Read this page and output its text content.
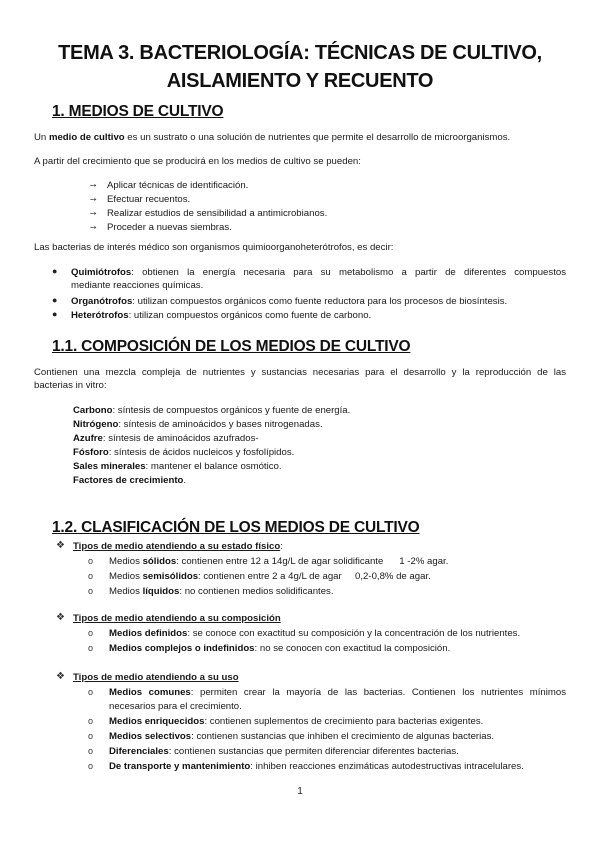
TEMA 3. BACTERIOLOGÍA: TÉCNICAS DE CULTIVO,
AISLAMIENTO Y RECUENTO
1. MEDIOS DE CULTIVO
Un medio de cultivo es un sustrato o una solución de nutrientes que permite el desarrollo de microorganismos.
A partir del crecimiento que se producirá en los medios de cultivo se pueden:
➙ Aplicar técnicas de identificación.
➙ Efectuar recuentos.
➙ Realizar estudios de sensibilidad a antimicrobianos.
➙ Proceder a nuevas siembras.
Las bacterias de interés médico son organismos quimioorganoheterótrofos, es decir:
● Quimiótrofos: obtienen la energía necesaria para su metabolismo a partir de diferentes compuestos
mediante reacciones químicas.
● Organótrofos: utilizan compuestos orgánicos como fuente reductora para los procesos de biosíntesis.
● Heterótrofos: utilizan compuestos orgánicos como fuente de carbono.
1.1. COMPOSICIÓN DE LOS MEDIOS DE CULTIVO
Contienen una mezcla compleja de nutrientes y sustancias necesarias para el desarrollo y la reproducción de las
bacterias in vitro:
Carbono: síntesis de compuestos orgánicos y fuente de energía.
Nitrógeno: síntesis de aminoácidos y bases nitrogenadas.
Azufre: síntesis de aminoácidos azufrados-
Fósforo: síntesis de ácidos nucleicos y fosfolípidos.
Sales minerales: mantener el balance osmótico.
Factores de crecimiento.
1.2. CLASIFICACIÓN DE LOS MEDIOS DE CULTIVO
❖ Tipos de medio atendiendo a su estado físico:
o Medios sólidos: contienen entre 12 a 14g/L de agar solidificante      1 -2% agar.
o Medios semisólidos: contienen entre 2 a 4g/L de agar     0,2-0,8% de agar.
o Medios líquidos: no contienen medios solidificantes.
❖ Tipos de medio atendiendo a su composición
o Medios definidos: se conoce con exactitud su composición y la concentración de los nutrientes.
o Medios complejos o indefinidos: no se conocen con exactitud la composición.
❖ Tipos de medio atendiendo a su uso
o Medios comunes: permiten crear la mayoría de las bacterias. Contienen los nutrientes mínimos
necesarios para el crecimiento.
o Medios enriquecidos: contienen suplementos de crecimiento para bacterias exigentes.
o Medios selectivos: contienen sustancias que inhiben el crecimiento de algunas bacterias.
o Diferenciales: contienen sustancias que permiten diferenciar diferentes bacterias.
o De transporte y mantenimiento: inhiben reacciones enzimáticas autodestructivas intracelulares.
1
